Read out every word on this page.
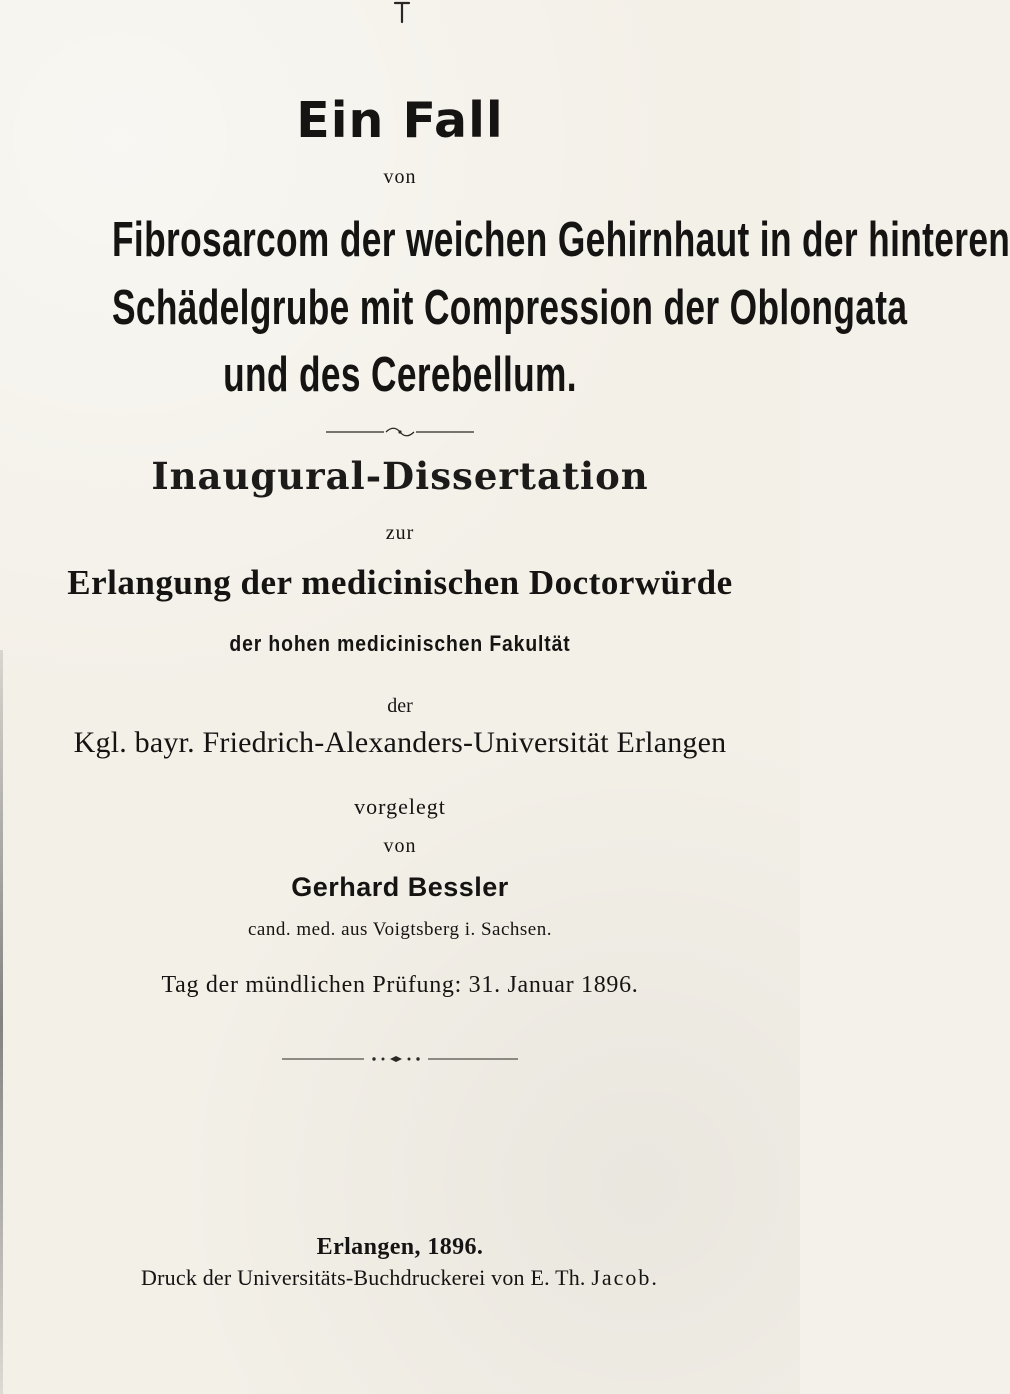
Ein Fall
von
Fibrosarcom der weichen Gehirnhaut in der hinteren
Schädelgrube mit Compression der Oblongata
und des Cerebellum.
Inaugural-Dissertation
zur
Erlangung der medicinischen Doctorwürde
der hohen medicinischen Fakultät
der
Kgl. bayr. Friedrich-Alexanders-Universität Erlangen
vorgelegt
von
Gerhard Bessler
cand. med. aus Voigtsberg i. Sachsen.
Tag der mündlichen Prüfung: 31. Januar 1896.
Erlangen, 1896.
Druck der Universitäts-Buchdruckerei von E. Th. Jacob.
